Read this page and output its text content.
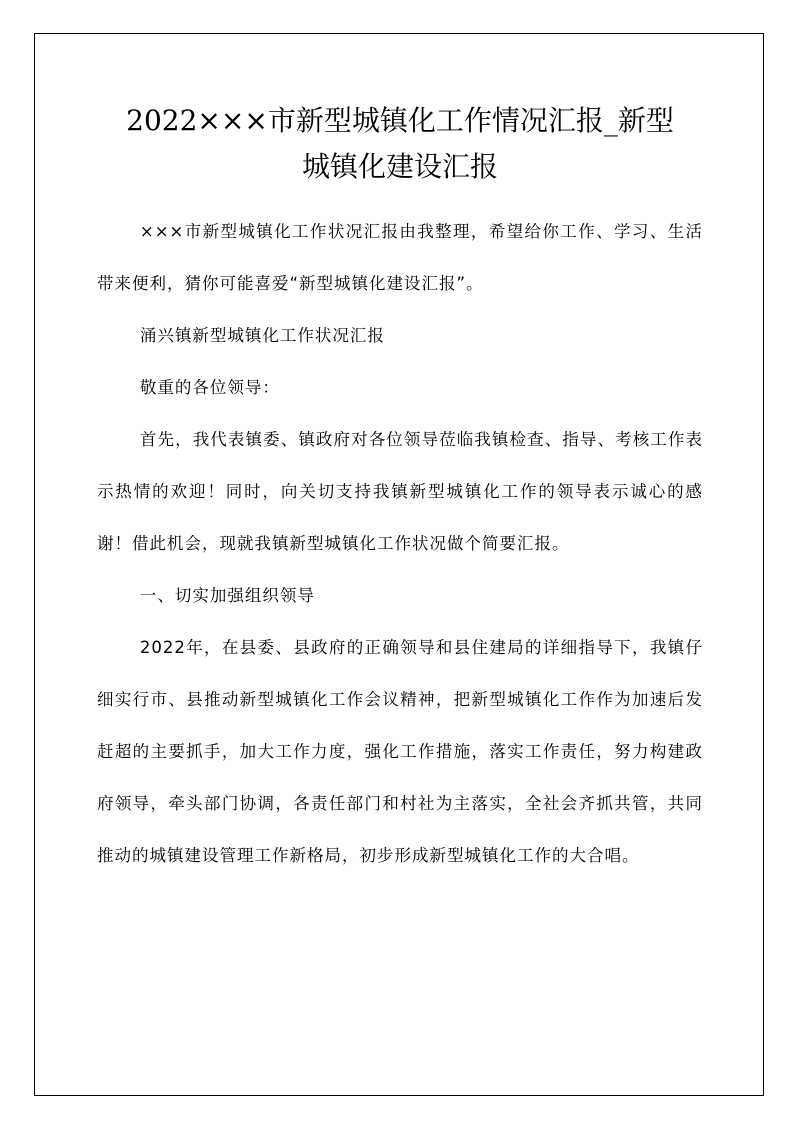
2022×××市新型城镇化工作情况汇报_新型
城镇化建设汇报

×××市新型城镇化工作状况汇报由我整理，希望给你工作、学习、生活带来便利，猜你可能喜爱“新型城镇化建设汇报”。

涌兴镇新型城镇化工作状况汇报

敬重的各位领导：

首先，我代表镇委、镇政府对各位领导莅临我镇检查、指导、考核工作表示热情的欢迎！同时，向关切支持我镇新型城镇化工作的领导表示诚心的感谢！借此机会，现就我镇新型城镇化工作状况做个简要汇报。

一、切实加强组织领导

2022年，在县委、县政府的正确领导和县住建局的详细指导下，我镇仔细实行市、县推动新型城镇化工作会议精神，把新型城镇化工作作为加速后发赶超的主要抓手，加大工作力度，强化工作措施，落实工作责任，努力构建政府领导，牵头部门协调，各责任部门和村社为主落实，全社会齐抓共管，共同推动的城镇建设管理工作新格局，初步形成新型城镇化工作的大合唱。
